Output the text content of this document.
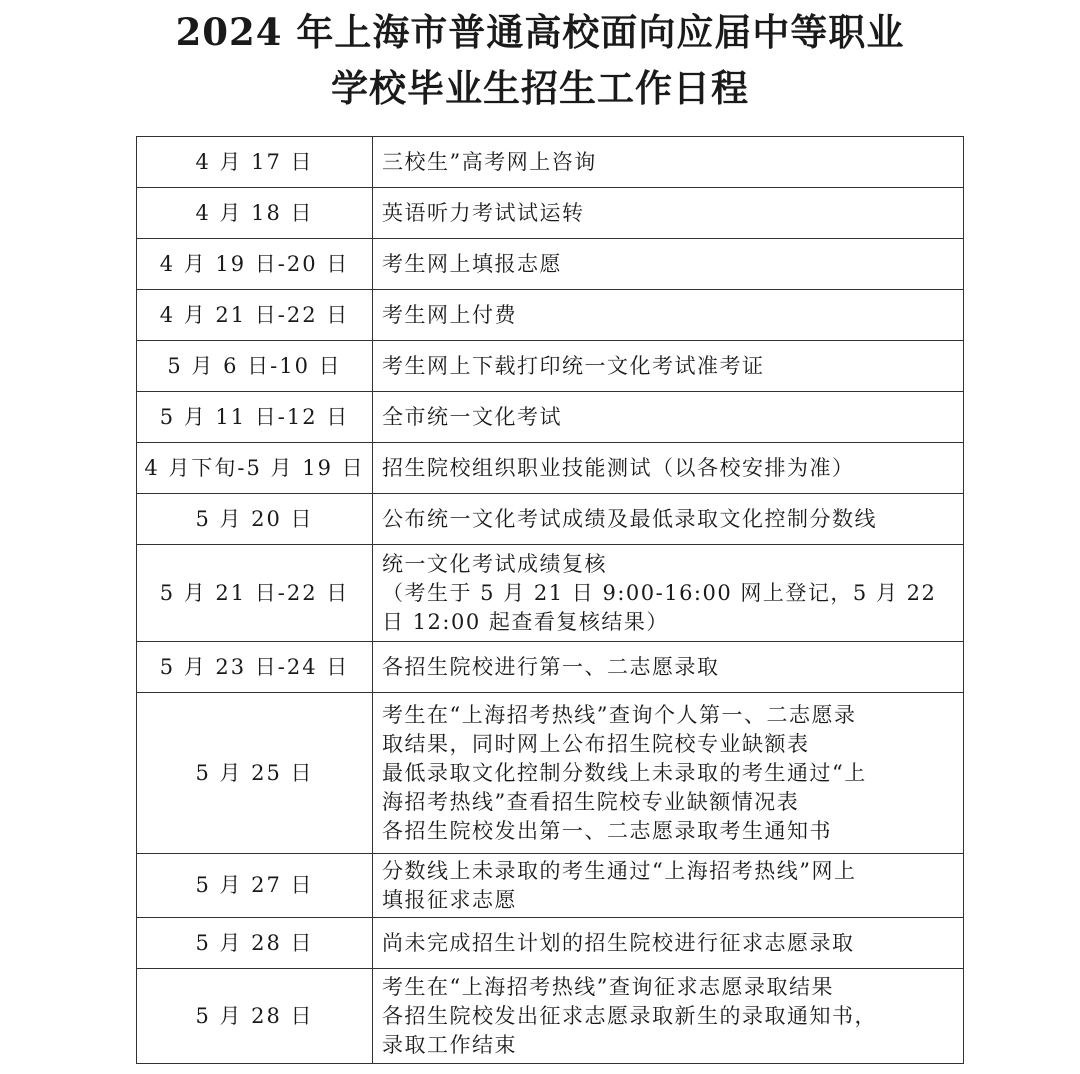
2024 年上海市普通高校面向应届中等职业
学校毕业生招生工作日程
4 月 17 日	三校生”高考网上咨询

4 月 18 日	英语听力考试试运转

4 月 19 日-20 日	考生网上填报志愿

4 月 21 日-22 日	考生网上付费

5 月 6 日-10 日	考生网上下载打印统一文化考试准考证

5 月 11 日-12 日	全市统一文化考试

4 月下旬-5 月 19 日	招生院校组织职业技能测试（以各校安排为准）

5 月 20 日	公布统一文化考试成绩及最低录取文化控制分数线

5 月 21 日-22 日	统一文化考试成绩复核
（考生于 5 月 21 日 9:00-16:00 网上登记，5 月 22
日 12:00 起查看复核结果）

5 月 23 日-24 日	各招生院校进行第一、二志愿录取

5 月 25 日	考生在“上海招考热线”查询个人第一、二志愿录
取结果，同时网上公布招生院校专业缺额表
最低录取文化控制分数线上未录取的考生通过“上
海招考热线”查看招生院校专业缺额情况表
各招生院校发出第一、二志愿录取考生通知书

5 月 27 日	分数线上未录取的考生通过“上海招考热线”网上
填报征求志愿

5 月 28 日	尚未完成招生计划的招生院校进行征求志愿录取

5 月 28 日	考生在“上海招考热线”查询征求志愿录取结果
各招生院校发出征求志愿录取新生的录取通知书，
录取工作结束
